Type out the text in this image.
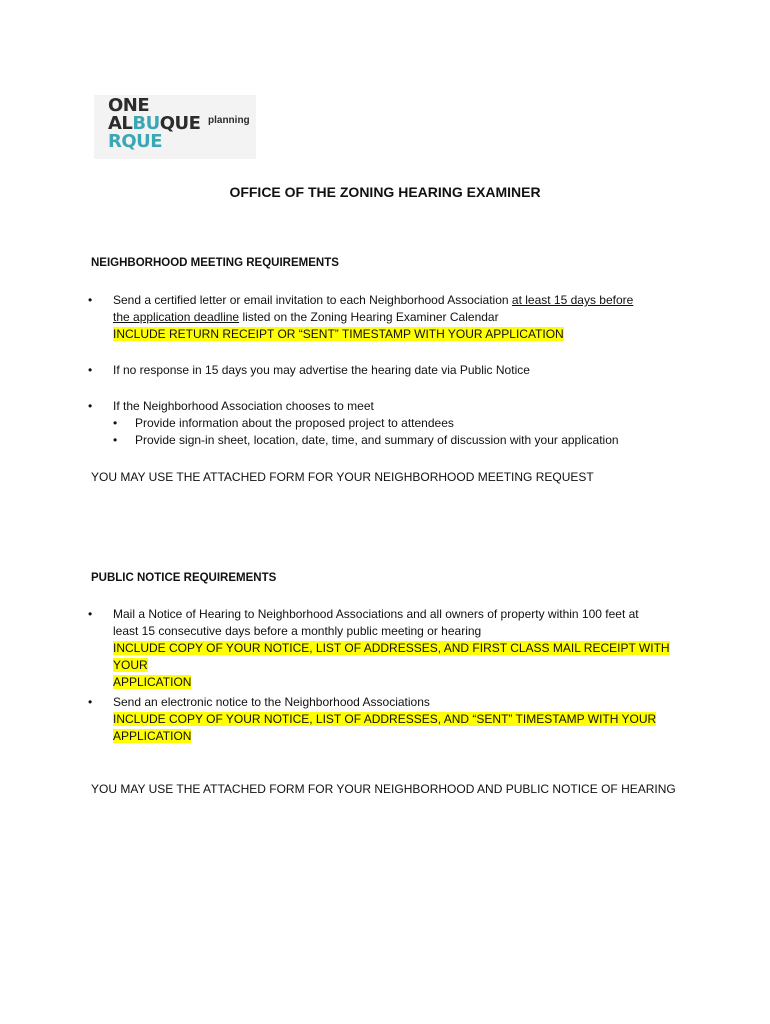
ONE
ALBUQUE
RQUE
planning
OFFICE OF THE ZONING HEARING EXAMINER
NEIGHBORHOOD MEETING REQUIREMENTS
•	Send a certified letter or email invitation to each Neighborhood Association at least 15 days before
the application deadline listed on the Zoning Hearing Examiner Calendar
INCLUDE RETURN RECEIPT OR “SENT” TIMESTAMP WITH YOUR APPLICATION
•	If no response in 15 days you may advertise the hearing date via Public Notice
•	If the Neighborhood Association chooses to meet
• Provide information about the proposed project to attendees
• Provide sign-in sheet, location, date, time, and summary of discussion with your application
YOU MAY USE THE ATTACHED FORM FOR YOUR NEIGHBORHOOD MEETING REQUEST
PUBLIC NOTICE REQUIREMENTS
•	Mail a Notice of Hearing to Neighborhood Associations and all owners of property within 100 feet at
least 15 consecutive days before a monthly public meeting or hearing
INCLUDE COPY OF YOUR NOTICE, LIST OF ADDRESSES, AND FIRST CLASS MAIL RECEIPT WITH YOUR
APPLICATION
•	Send an electronic notice to the Neighborhood Associations
INCLUDE COPY OF YOUR NOTICE, LIST OF ADDRESSES, AND “SENT” TIMESTAMP WITH YOUR
APPLICATION
YOU MAY USE THE ATTACHED FORM FOR YOUR NEIGHBORHOOD AND PUBLIC NOTICE OF HEARING
